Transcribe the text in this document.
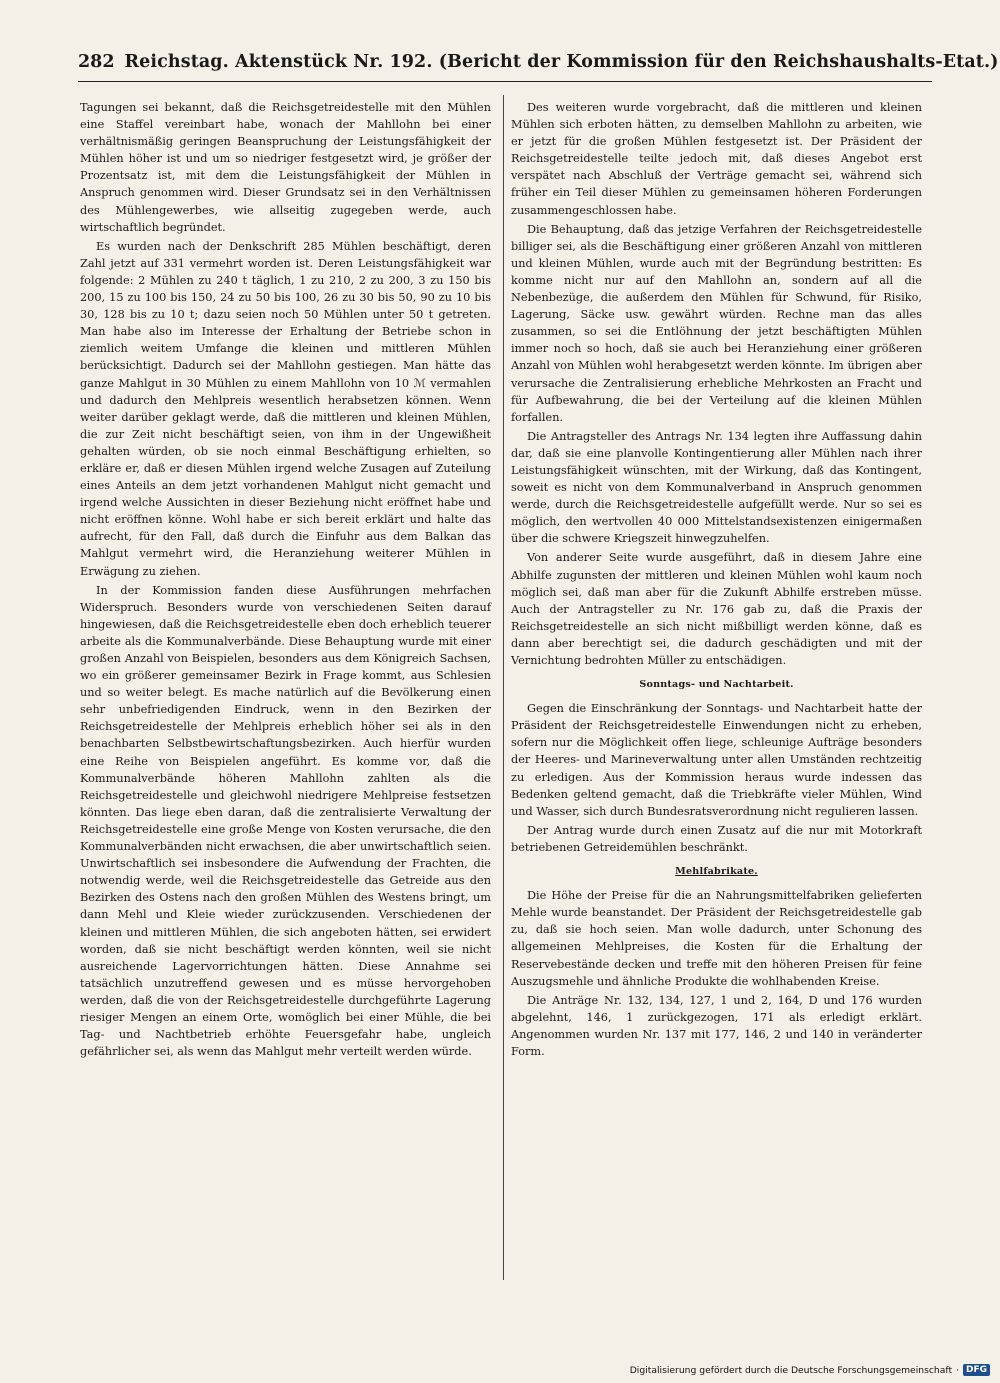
282 Reichstag. Aktenstück Nr. 192. (Bericht der Kommission für den Reichshaushalts-Etat.)

Tagungen sei bekannt, daß die Reichsgetreidestelle mit den Mühlen eine Staffel vereinbart habe, wonach der Mahllohn bei einer verhältnismäßig geringen Beanspruchung der Leistungsfähigkeit der Mühlen höher ist und um so niedriger festgesetzt wird, je größer der Prozentsatz ist, mit dem die Leistungsfähigkeit der Mühlen in Anspruch genommen wird. Dieser Grundsatz sei in den Verhältnissen des Mühlengewerbes, wie allseitig zugegeben werde, auch wirtschaftlich begründet.

Es wurden nach der Denkschrift 285 Mühlen beschäftigt, deren Zahl jetzt auf 331 vermehrt worden ist. Deren Leistungsfähigkeit war folgende: 2 Mühlen zu 240 t täglich, 1 zu 210, 2 zu 200, 3 zu 150 bis 200, 15 zu 100 bis 150, 24 zu 50 bis 100, 26 zu 30 bis 50, 90 zu 10 bis 30, 128 bis zu 10 t; dazu seien noch 50 Mühlen unter 50 t getreten. Man habe also im Interesse der Erhaltung der Betriebe schon in ziemlich weitem Umfange die kleinen und mittleren Mühlen berücksichtigt. Dadurch sei der Mahllohn gestiegen. Man hätte das ganze Mahlgut in 30 Mühlen zu einem Mahllohn von 10 ℳ vermahlen und dadurch den Mehlpreis wesentlich herabsetzen können. Wenn weiter darüber geklagt werde, daß die mittleren und kleinen Mühlen, die zur Zeit nicht beschäftigt seien, von ihm in der Ungewißheit gehalten würden, ob sie noch einmal Beschäftigung erhielten, so erkläre er, daß er diesen Mühlen irgend welche Zusagen auf Zuteilung eines Anteils an dem jetzt vorhandenen Mahlgut nicht gemacht und irgend welche Aussichten in dieser Beziehung nicht eröffnet habe und nicht eröffnen könne. Wohl habe er sich bereit erklärt und halte das aufrecht, für den Fall, daß durch die Einfuhr aus dem Balkan das Mahlgut vermehrt wird, die Heranziehung weiterer Mühlen in Erwägung zu ziehen.

In der Kommission fanden diese Ausführungen mehrfachen Widerspruch. Besonders wurde von verschiedenen Seiten darauf hingewiesen, daß die Reichsgetreidestelle eben doch erheblich teuerer arbeite als die Kommunalverbände. Diese Behauptung wurde mit einer großen Anzahl von Beispielen, besonders aus dem Königreich Sachsen, wo ein größerer gemeinsamer Bezirk in Frage kommt, aus Schlesien und so weiter belegt. Es mache natürlich auf die Bevölkerung einen sehr unbefriedigenden Eindruck, wenn in den Bezirken der Reichsgetreidestelle der Mehlpreis erheblich höher sei als in den benachbarten Selbstbewirtschaftungsbezirken. Auch hierfür wurden eine Reihe von Beispielen angeführt. Es komme vor, daß die Kommunalverbände höheren Mahllohn zahlten als die Reichsgetreidestelle und gleichwohl niedrigere Mehlpreise festsetzen könnten. Das liege eben daran, daß die zentralisierte Verwaltung der Reichsgetreidestelle eine große Menge von Kosten verursache, die den Kommunalverbänden nicht erwachsen, die aber unwirtschaftlich seien. Unwirtschaftlich sei insbesondere die Aufwendung der Frachten, die notwendig werde, weil die Reichsgetreidestelle das Getreide aus den Bezirken des Ostens nach den großen Mühlen des Westens bringt, um dann Mehl und Kleie wieder zurückzusenden. Verschiedenen der kleinen und mittleren Mühlen, die sich angeboten hätten, sei erwidert worden, daß sie nicht beschäftigt werden könnten, weil sie nicht ausreichende Lagervorrichtungen hätten. Diese Annahme sei tatsächlich unzutreffend gewesen und es müsse hervorgehoben werden, daß die von der Reichsgetreidestelle durchgeführte Lagerung riesiger Mengen an einem Orte, womöglich bei einer Mühle, die bei Tag- und Nachtbetrieb erhöhte Feuersgefahr habe, ungleich gefährlicher sei, als wenn das Mahlgut mehr verteilt werden würde.

Des weiteren wurde vorgebracht, daß die mittleren und kleinen Mühlen sich erboten hätten, zu demselben Mahllohn zu arbeiten, wie er jetzt für die großen Mühlen festgesetzt ist. Der Präsident der Reichsgetreidestelle teilte jedoch mit, daß dieses Angebot erst verspätet nach Abschluß der Verträge gemacht sei, während sich früher ein Teil dieser Mühlen zu gemeinsamen höheren Forderungen zusammengeschlossen habe.

Die Behauptung, daß das jetzige Verfahren der Reichsgetreidestelle billiger sei, als die Beschäftigung einer größeren Anzahl von mittleren und kleinen Mühlen, wurde auch mit der Begründung bestritten: Es komme nicht nur auf den Mahllohn an, sondern auf all die Nebenbezüge, die außerdem den Mühlen für Schwund, für Risiko, Lagerung, Säcke usw. gewährt würden. Rechne man das alles zusammen, so sei die Entlöhnung der jetzt beschäftigten Mühlen immer noch so hoch, daß sie auch bei Heranziehung einer größeren Anzahl von Mühlen wohl herabgesetzt werden könnte. Im übrigen aber verursache die Zentralisierung erhebliche Mehrkosten an Fracht und für Aufbewahrung, die bei der Verteilung auf die kleinen Mühlen forfallen.

Die Antragsteller des Antrags Nr. 134 legten ihre Auffassung dahin dar, daß sie eine planvolle Kontingentierung aller Mühlen nach ihrer Leistungsfähigkeit wünschten, mit der Wirkung, daß das Kontingent, soweit es nicht von dem Kommunalverband in Anspruch genommen werde, durch die Reichsgetreidestelle aufgefüllt werde. Nur so sei es möglich, den wertvollen 40 000 Mittelstandsexistenzen einigermaßen über die schwere Kriegszeit hinwegzuhelfen.

Von anderer Seite wurde ausgeführt, daß in diesem Jahre eine Abhilfe zugunsten der mittleren und kleinen Mühlen wohl kaum noch möglich sei, daß man aber für die Zukunft Abhilfe erstreben müsse. Auch der Antragsteller zu Nr. 176 gab zu, daß die Praxis der Reichsgetreidestelle an sich nicht mißbilligt werden könne, daß es dann aber berechtigt sei, die dadurch geschädigten und mit der Vernichtung bedrohten Müller zu entschädigen.

Sonntags- und Nachtarbeit.

Gegen die Einschränkung der Sonntags- und Nachtarbeit hatte der Präsident der Reichsgetreidestelle Einwendungen nicht zu erheben, sofern nur die Möglichkeit offen liege, schleunige Aufträge besonders der Heeres- und Marineverwaltung unter allen Umständen rechtzeitig zu erledigen. Aus der Kommission heraus wurde indessen das Bedenken geltend gemacht, daß die Triebkräfte vieler Mühlen, Wind und Wasser, sich durch Bundesratsverordnung nicht regulieren lassen.

Der Antrag wurde durch einen Zusatz auf die nur mit Motorkraft betriebenen Getreidemühlen beschränkt.

Mehlfabrikate.

Die Höhe der Preise für die an Nahrungsmittelfabriken gelieferten Mehle wurde beanstandet. Der Präsident der Reichsgetreidestelle gab zu, daß sie hoch seien. Man wolle dadurch, unter Schonung des allgemeinen Mehlpreises, die Kosten für die Erhaltung der Reservebestände decken und treffe mit den höheren Preisen für feine Auszugsmehle und ähnliche Produkte die wohlhabenden Kreise.

Die Anträge Nr. 132, 134, 127, 1 und 2, 164, D und 176 wurden abgelehnt, 146, 1 zurückgezogen, 171 als erledigt erklärt. Angenommen wurden Nr. 137 mit 177, 146, 2 und 140 in veränderter Form.

Digitalisierung gefördert durch die Deutsche Forschungsgemeinschaft · DFG
